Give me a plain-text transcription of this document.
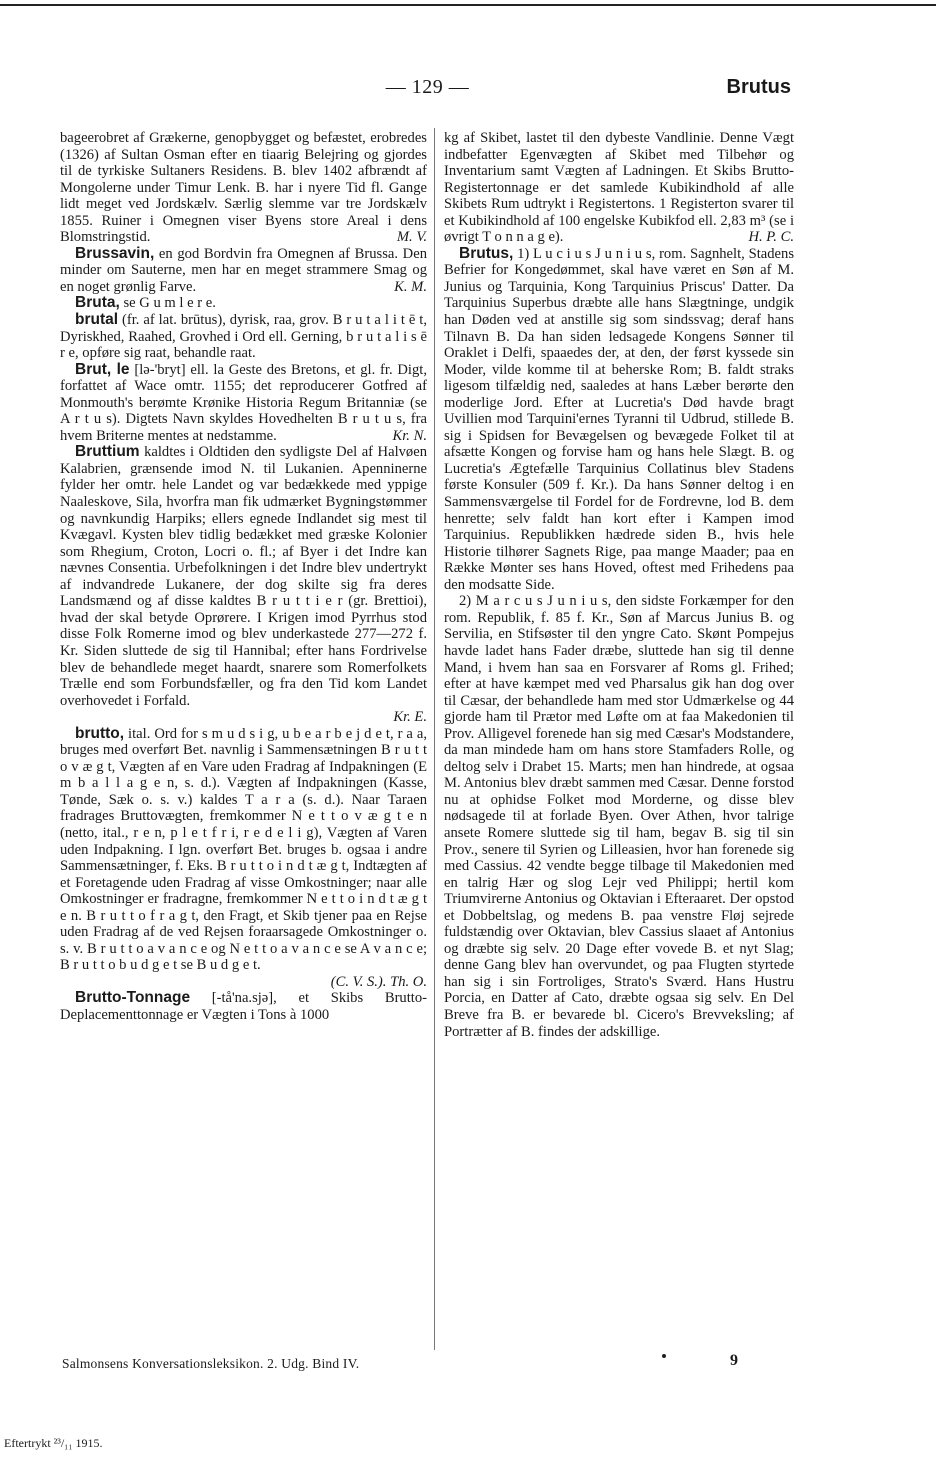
— 129 —	Brutus

bageerobret af Grækerne, genopbygget og befæstet, erobredes (1326) af Sultan Osman efter en tiaarig Belejring og gjordes til de tyrkiske Sultaners Residens. B. blev 1402 afbrændt af Mongolerne under Timur Lenk. B. har i nyere Tid fl. Gange lidt meget ved Jordskælv. Særlig slemme var tre Jordskælv 1855. Ruiner i Omegnen viser Byens store Areal i dens Blomstringstid.	M. V.

Brussavin, en god Bordvin fra Omegnen af Brussa. Den minder om Sauterne, men har en meget strammere Smag og en noget grønlig Farve.	K. M.

Bruta, se G u m l e r e.

brutal (fr. af lat. brūtus), dyrisk, raa, grov. B r u t a l i t ē t, Dyriskhed, Raahed, Grovhed i Ord ell. Gerning, b r u t a l i s ē r e, opføre sig raat, behandle raat.

Brut, le [lə-'bryt] ell. la Geste des Bretons, et gl. fr. Digt, forfattet af Wace omtr. 1155; det reproducerer Gotfred af Monmouth's berømte Krønike Historia Regum Britanniæ (se A r t u s). Digtets Navn skyldes Hovedhelten B r u t u s, fra hvem Briterne mentes at nedstamme.	Kr. N.

Bruttium kaldtes i Oldtiden den sydligste Del af Halvøen Kalabrien, grænsende imod N. til Lukanien. Apenninerne fylder her omtr. hele Landet og var bedækkede med yppige Naaleskove, Sila, hvorfra man fik udmærket Bygningstømmer og navnkundig Harpiks; ellers egnede Indlandet sig mest til Kvægavl. Kysten blev tidlig bedækket med græske Kolonier som Rhegium, Croton, Locri o. fl.; af Byer i det Indre kan nævnes Consentia. Urbefolkningen i det Indre blev undertrykt af indvandrede Lukanere, der dog skilte sig fra deres Landsmænd og af disse kaldtes B r u t t i e r (gr. Brettioi), hvad der skal betyde Oprørere. I Krigen imod Pyrrhus stod disse Folk Romerne imod og blev underkastede 277—272 f. Kr. Siden sluttede de sig til Hannibal; efter hans Fordrivelse blev de behandlede meget haardt, snarere som Romerfolkets Trælle end som Forbundsfæller, og fra den Tid kom Landet overhovedet i Forfald.

Kr. E.

brutto, ital. Ord for s m u d s i g, u b e a r b e j d e t, r a a, bruges med overført Bet. navnlig i Sammensætningen B r u t t o v æ g t, Vægten af en Vare uden Fradrag af Indpakningen (E m b a l l a g e n, s. d.). Vægten af Indpakningen (Kasse, Tønde, Sæk o. s. v.) kaldes T a r a (s. d.). Naar Taraen fradrages Bruttovægten, fremkommer N e t t o v æ g t e n (netto, ital., r e n, p l e t f r i, r e d e l i g), Vægten af Varen uden Indpakning. I lgn. overført Bet. bruges b. ogsaa i andre Sammensætninger, f. Eks. B r u t t o i n d t æ g t, Indtægten af et Foretagende uden Fradrag af visse Omkostninger; naar alle Omkostninger er fradragne, fremkommer N e t t o i n d t æ g t e n. B r u t t o f r a g t, den Fragt, et Skib tjener paa en Rejse uden Fradrag af de ved Rejsen foraarsagede Omkostninger o. s. v. B r u t t o a v a n c e og N e t t o a v a n c e se A v a n c e; B r u t t o b u d g e t se B u d g e t.

(C. V. S.). Th. O.

Brutto-Tonnage [-tå'na.sjə], et Skibs Brutto-Deplacementtonnage er Vægten i Tons à 1000

kg af Skibet, lastet til den dybeste Vandlinie. Denne Vægt indbefatter Egenvægten af Skibet med Tilbehør og Inventarium samt Vægten af Ladningen. Et Skibs Brutto-Registertonnage er det samlede Kubikindhold af alle Skibets Rum udtrykt i Registertons. 1 Registerton svarer til et Kubikindhold af 100 engelske Kubikfod ell. 2,83 m³ (se i øvrigt T o n n a g e).	H. P. C.

Brutus, 1) L u c i u s J u n i u s, rom. Sagnhelt, Stadens Befrier for Kongedømmet, skal have været en Søn af M. Junius og Tarquinia, Kong Tarquinius Priscus' Datter. Da Tarquinius Superbus dræbte alle hans Slægtninge, undgik han Døden ved at anstille sig som sindssvag; deraf hans Tilnavn B. Da han siden ledsagede Kongens Sønner til Oraklet i Delfi, spaaedes der, at den, der først kyssede sin Moder, vilde komme til at beherske Rom; B. faldt straks ligesom tilfældig ned, saaledes at hans Læber berørte den moderlige Jord. Efter at Lucretia's Død havde bragt Uvillien mod Tarquini'ernes Tyranni til Udbrud, stillede B. sig i Spidsen for Bevægelsen og bevægede Folket til at afsætte Kongen og forvise ham og hans hele Slægt. B. og Lucretia's Ægtefælle Tarquinius Collatinus blev Stadens første Konsuler (509 f. Kr.). Da hans Sønner deltog i en Sammensværgelse til Fordel for de Fordrevne, lod B. dem henrette; selv faldt han kort efter i Kampen imod Tarquinius. Republikken hædrede siden B., hvis hele Historie tilhører Sagnets Rige, paa mange Maader; paa en Række Mønter ses hans Hoved, oftest med Frihedens paa den modsatte Side.

2) M a r c u s J u n i u s, den sidste Forkæmper for den rom. Republik, f. 85 f. Kr., Søn af Marcus Junius B. og Servilia, en Stifsøster til den yngre Cato. Skønt Pompejus havde ladet hans Fader dræbe, sluttede han sig til denne Mand, i hvem han saa en Forsvarer af Roms gl. Frihed; efter at have kæmpet med ved Pharsalus gik han dog over til Cæsar, der behandlede ham med stor Udmærkelse og 44 gjorde ham til Prætor med Løfte om at faa Makedonien til Prov. Alligevel forenede han sig med Cæsar's Modstandere, da man mindede ham om hans store Stamfaders Rolle, og deltog selv i Drabet 15. Marts; men han hindrede, at ogsaa M. Antonius blev dræbt sammen med Cæsar. Denne forstod nu at ophidse Folket mod Morderne, og disse blev nødsagede til at forlade Byen. Over Athen, hvor talrige ansete Romere sluttede sig til ham, begav B. sig til sin Prov., senere til Syrien og Lilleasien, hvor han forenede sig med Cassius. 42 vendte begge tilbage til Makedonien med en talrig Hær og slog Lejr ved Philippi; hertil kom Triumvirerne Antonius og Oktavian i Efteraaret. Der opstod et Dobbeltslag, og medens B. paa venstre Fløj sejrede fuldstændig over Oktavian, blev Cassius slaaet af Antonius og dræbte sig selv. 20 Dage efter vovede B. et nyt Slag; denne Gang blev han overvundet, og paa Flugten styrtede han sig i sin Fortroliges, Strato's Sværd. Hans Hustru Porcia, en Datter af Cato, dræbte ogsaa sig selv. En Del Breve fra B. er bevarede bl. Cicero's Brevveksling; af Portrætter af B. findes der adskillige.

Salmonsens Konversationsleksikon. 2. Udg. Bind IV.	9
Eftertrykt ²³/₁₁ 1915.
